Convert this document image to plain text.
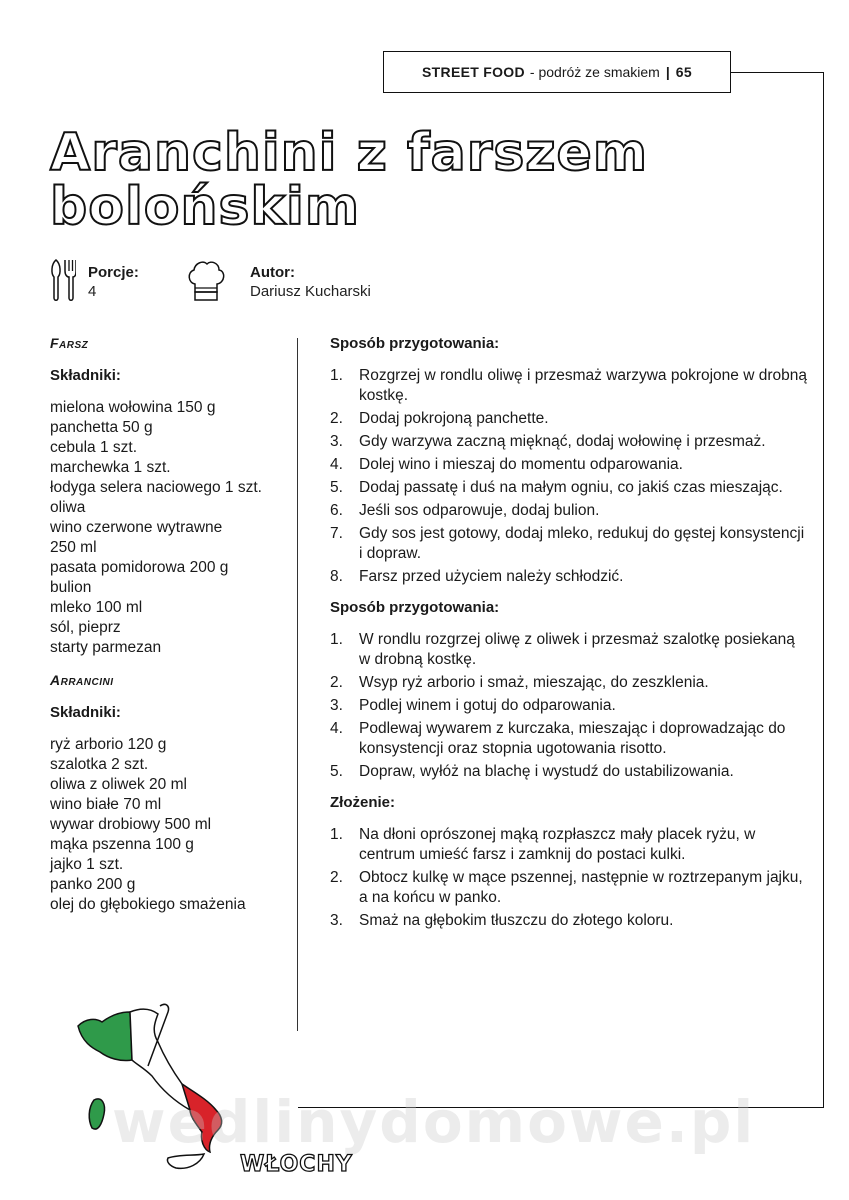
STREET FOOD - podróż ze smakiem | 65
Aranchini z farszem
bolońskim
Porcje:
4
Autor:
Dariusz Kucharski
Farsz
Składniki:
mielona wołowina 150 g
panchetta 50 g
cebula 1 szt.
marchewka 1 szt.
łodyga selera naciowego 1 szt.
oliwa
wino czerwone wytrawne
250 ml
pasata pomidorowa 200 g
bulion
mleko 100 ml
sól, pieprz
starty parmezan
Arrancini
Składniki:
ryż arborio 120 g
szalotka 2 szt.
oliwa z oliwek 20 ml
wino białe 70 ml
wywar drobiowy 500 ml
mąka pszenna 100 g
jajko 1 szt.
panko 200 g
olej do głębokiego smażenia
Sposób przygotowania:
1.	Rozgrzej w rondlu oliwę i przesmaż warzywa pokrojone w drobną kostkę.
2.	Dodaj pokrojoną panchette.
3.	Gdy warzywa zaczną mięknąć, dodaj wołowinę i przesmaż.
4.	Dolej wino i mieszaj do momentu odparowania.
5.	Dodaj passatę i duś na małym ogniu, co jakiś czas mieszając.
6.	Jeśli sos odparowuje, dodaj bulion.
7.	Gdy sos jest gotowy, dodaj mleko, redukuj do gęstej konsystencji i dopraw.
8.	Farsz przed użyciem należy schłodzić.
Sposób przygotowania:
1.	W rondlu rozgrzej oliwę z oliwek i przesmaż szalotkę posiekaną w drobną kostkę.
2.	Wsyp ryż arborio i smaż, mieszając, do zeszklenia.
3.	Podlej winem i gotuj do odparowania.
4.	Podlewaj wywarem z kurczaka, mieszając i doprowadzając do konsystencji oraz stopnia ugotowania risotto.
5.	Dopraw, wyłóż na blachę i wystudź do ustabilizowania.
Złożenie:
1.	Na dłoni oprószonej mąką rozpłaszcz mały placek ryżu, w centrum umieść farsz i zamknij do postaci kulki.
2.	Obtocz kulkę w mące pszennej, następnie w roztrzepanym jajku, a na końcu w panko.
3.	Smaż na głębokim tłuszczu do złotego koloru.
wedlinydomowe.pl
WŁOCHY
